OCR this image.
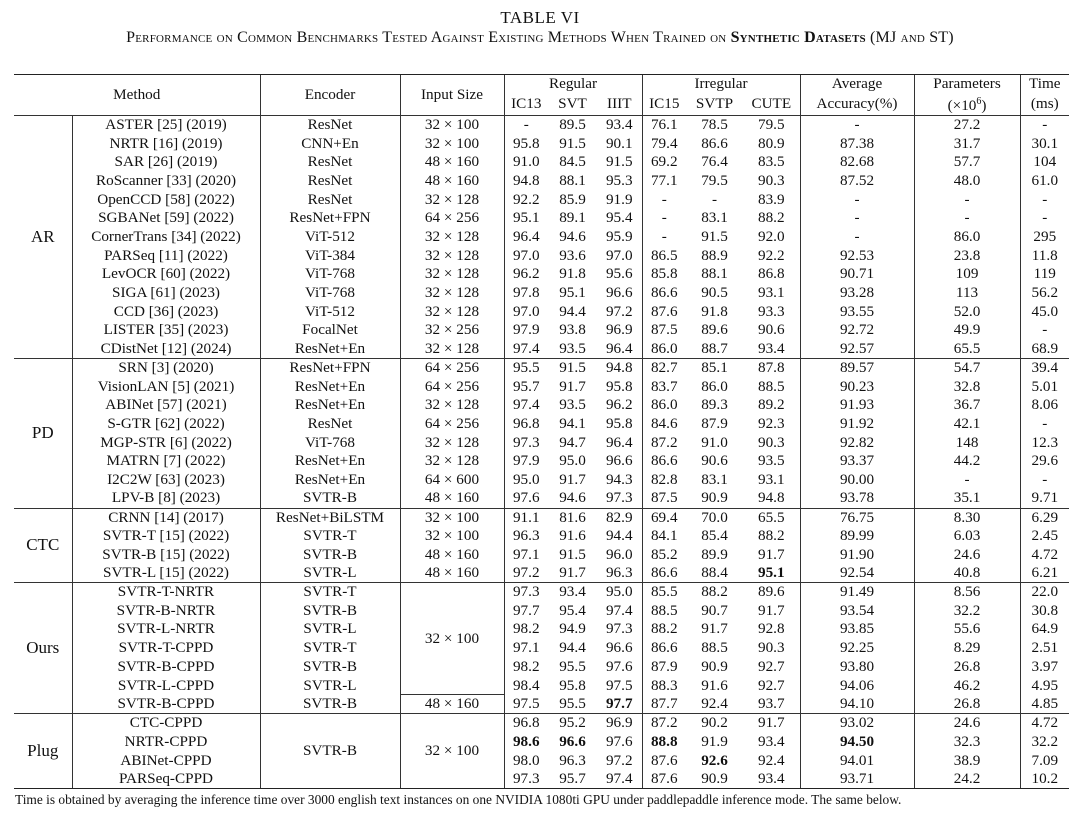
TABLE VI
Performance on Common Benchmarks Tested Against Existing Methods When Trained on Synthetic Datasets (MJ and ST)
Method		Encoder	Input Size	Regular			Irregular			Average	Parameters	Time
				IC13	SVT	IIIT	IC15	SVTP	CUTE	Accuracy(%)	$(\times 10^6)$	(ms)
AR	ASTER [25] (2019)	ResNet	32 × 100	-	89.5	93.4	76.1	78.5	79.5	-	27.2	-
	NRTR [16] (2019)	CNN+En	32 × 100	95.8	91.5	90.1	79.4	86.6	80.9	87.38	31.7	30.1
	SAR [26] (2019)	ResNet	48 × 160	91.0	84.5	91.5	69.2	76.4	83.5	82.68	57.7	104
	RoScanner [33] (2020)	ResNet	48 × 160	94.8	88.1	95.3	77.1	79.5	90.3	87.52	48.0	61.0
	OpenCCD [58] (2022)	ResNet	32 × 128	92.2	85.9	91.9	-	-	83.9	-	-	-
	SGBANet [59] (2022)	ResNet+FPN	64 × 256	95.1	89.1	95.4	-	83.1	88.2	-	-	-
	CornerTrans [34] (2022)	ViT-512	32 × 128	96.4	94.6	95.9	-	91.5	92.0	-	86.0	295
	PARSeq [11] (2022)	ViT-384	32 × 128	97.0	93.6	97.0	86.5	88.9	92.2	92.53	23.8	11.8
	LevOCR [60] (2022)	ViT-768	32 × 128	96.2	91.8	95.6	85.8	88.1	86.8	90.71	109	119
	SIGA [61] (2023)	ViT-768	32 × 128	97.8	95.1	96.6	86.6	90.5	93.1	93.28	113	56.2
	CCD [36] (2023)	ViT-512	32 × 128	97.0	94.4	97.2	87.6	91.8	93.3	93.55	52.0	45.0
	LISTER [35] (2023)	FocalNet	32 × 256	97.9	93.8	96.9	87.5	89.6	90.6	92.72	49.9	-
	CDistNet [12] (2024)	ResNet+En	32 × 128	97.4	93.5	96.4	86.0	88.7	93.4	92.57	65.5	68.9
PD	SRN [3] (2020)	ResNet+FPN	64 × 256	95.5	91.5	94.8	82.7	85.1	87.8	89.57	54.7	39.4
	VisionLAN [5] (2021)	ResNet+En	64 × 256	95.7	91.7	95.8	83.7	86.0	88.5	90.23	32.8	5.01
	ABINet [57] (2021)	ResNet+En	32 × 128	97.4	93.5	96.2	86.0	89.3	89.2	91.93	36.7	8.06
	S-GTR [62] (2022)	ResNet	64 × 256	96.8	94.1	95.8	84.6	87.9	92.3	91.92	42.1	-
	MGP-STR [6] (2022)	ViT-768	32 × 128	97.3	94.7	96.4	87.2	91.0	90.3	92.82	148	12.3
	MATRN [7] (2022)	ResNet+En	32 × 128	97.9	95.0	96.6	86.6	90.6	93.5	93.37	44.2	29.6
	I2C2W [63] (2023)	ResNet+En	64 × 600	95.0	91.7	94.3	82.8	83.1	93.1	90.00	-	-
	LPV-B [8] (2023)	SVTR-B	48 × 160	97.6	94.6	97.3	87.5	90.9	94.8	93.78	35.1	9.71
CTC	CRNN [14] (2017)	ResNet+BiLSTM	32 × 100	91.1	81.6	82.9	69.4	70.0	65.5	76.75	8.30	6.29
	SVTR-T [15] (2022)	SVTR-T	32 × 100	96.3	91.6	94.4	84.1	85.4	88.2	89.99	6.03	2.45
	SVTR-B [15] (2022)	SVTR-B	48 × 160	97.1	91.5	96.0	85.2	89.9	91.7	91.90	24.6	4.72
	SVTR-L [15] (2022)	SVTR-L	48 × 160	97.2	91.7	96.3	86.6	88.4	95.1	92.54	40.8	6.21
Ours	SVTR-T-NRTR	SVTR-T	32 × 100	97.3	93.4	95.0	85.5	88.2	89.6	91.49	8.56	22.0
	SVTR-B-NRTR	SVTR-B		97.7	95.4	97.4	88.5	90.7	91.7	93.54	32.2	30.8
	SVTR-L-NRTR	SVTR-L		98.2	94.9	97.3	88.2	91.7	92.8	93.85	55.6	64.9
	SVTR-T-CPPD	SVTR-T		97.1	94.4	96.6	86.6	88.5	90.3	92.25	8.29	2.51
	SVTR-B-CPPD	SVTR-B		98.2	95.5	97.6	87.9	90.9	92.7	93.80	26.8	3.97
	SVTR-L-CPPD	SVTR-L		98.4	95.8	97.5	88.3	91.6	92.7	94.06	46.2	4.95
	SVTR-B-CPPD	SVTR-B	48 × 160	97.5	95.5	97.7	87.7	92.4	93.7	94.10	26.8	4.85
Plug	CTC-CPPD	SVTR-B	32 × 100	96.8	95.2	96.9	87.2	90.2	91.7	93.02	24.6	4.72
	NRTR-CPPD			98.6	96.6	97.6	88.8	91.9	93.4	94.50	32.3	32.2
	ABINet-CPPD			98.0	96.3	97.2	87.6	92.6	92.4	94.01	38.9	7.09
	PARSeq-CPPD			97.3	95.7	97.4	87.6	90.9	93.4	93.71	24.2	10.2
Time is obtained by averaging the inference time over 3000 english text instances on one NVIDIA 1080ti GPU under paddlepaddle inference mode. The same below.
